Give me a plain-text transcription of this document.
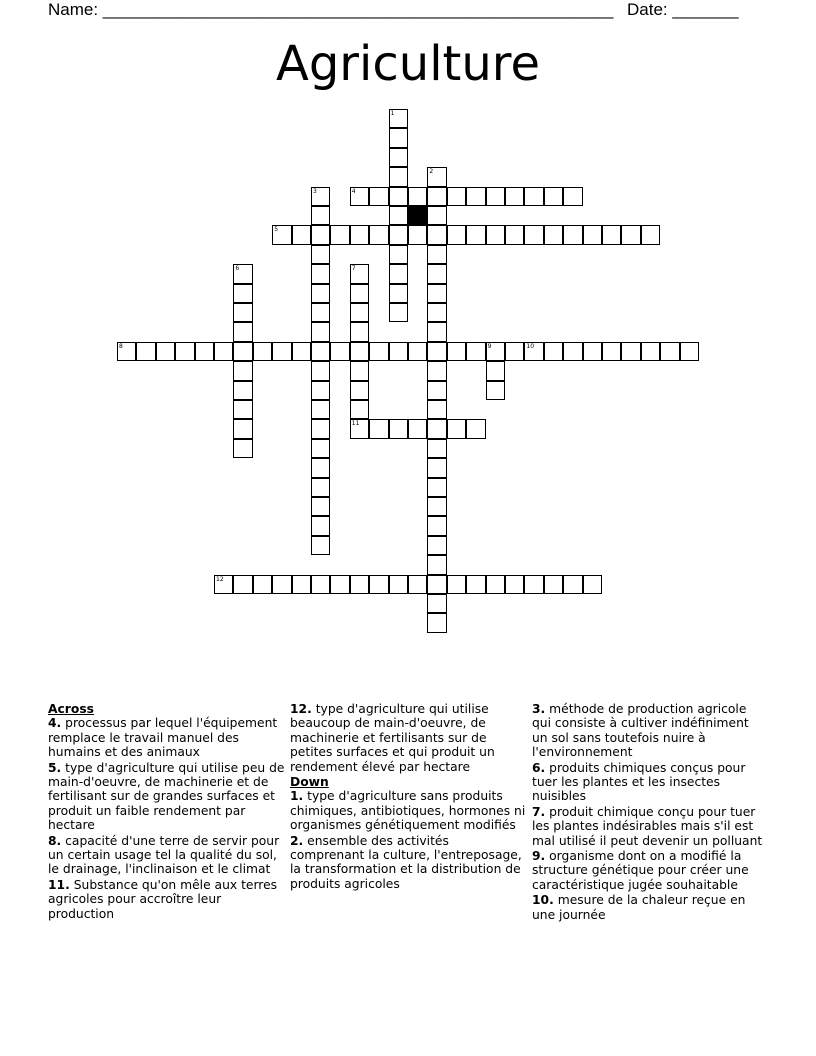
Name: ______________________________________________________ Date: _______
Agriculture
1
2
3	4
5
6	7
11
8	9	10
12
Across
4. processus par lequel l'équipement remplace le travail manuel des humains et des animaux
5. type d'agriculture qui utilise peu de main-d'oeuvre, de machinerie et de fertilisant sur de grandes surfaces et produit un faible rendement par hectare
8. capacité d'une terre de servir pour un certain usage tel la qualité du sol, le drainage, l'inclinaison et le climat
11. Substance qu'on mêle aux terres agricoles pour accroître leur production
12. type d'agriculture qui utilise beaucoup de main-d'oeuvre, de machinerie et fertilisants sur de petites surfaces et qui produit un rendement élevé par hectare
Down
1. type d'agriculture sans produits chimiques, antibiotiques, hormones ni organismes génétiquement modifiés
2. ensemble des activités comprenant la culture, l'entreposage, la transformation et la distribution de produits agricoles
3. méthode de production agricole qui consiste à cultiver indéfiniment un sol sans toutefois nuire à l'environnement
6. produits chimiques conçus pour tuer les plantes et les insectes nuisibles
7. produit chimique conçu pour tuer les plantes indésirables mais s'il est mal utilisé il peut devenir un polluant
9. organisme dont on a modifié la structure génétique pour créer une caractéristique jugée souhaitable
10. mesure de la chaleur reçue en une journée
